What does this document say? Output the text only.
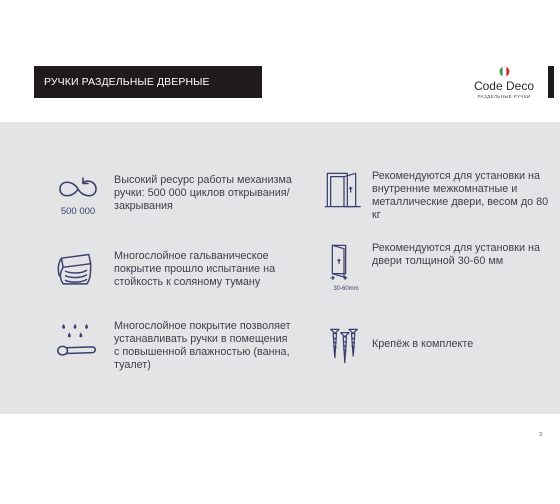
РУЧКИ РАЗДЕЛЬНЫЕ ДВЕРНЫЕ	Code Deco
РАЗДЕЛЬНЫЕ РУЧКИ
500 000
Высокий ресурс работы механизма ручки: 500 000 циклов открывания/закрывания
Рекомендуются для установки на внутренние межкомнатные и металлические двери, весом до 80 кг
Многослойное гальваническое покрытие прошло испытание на стойкость к соляному туману
30-60mm
Рекомендуются для установки на двери толщиной 30-60 мм
Многослойное покрытие позволяет устанавливать ручки в помещения с повышенной влажностью (ванна, туалет)
Крепёж в комплекте
3
